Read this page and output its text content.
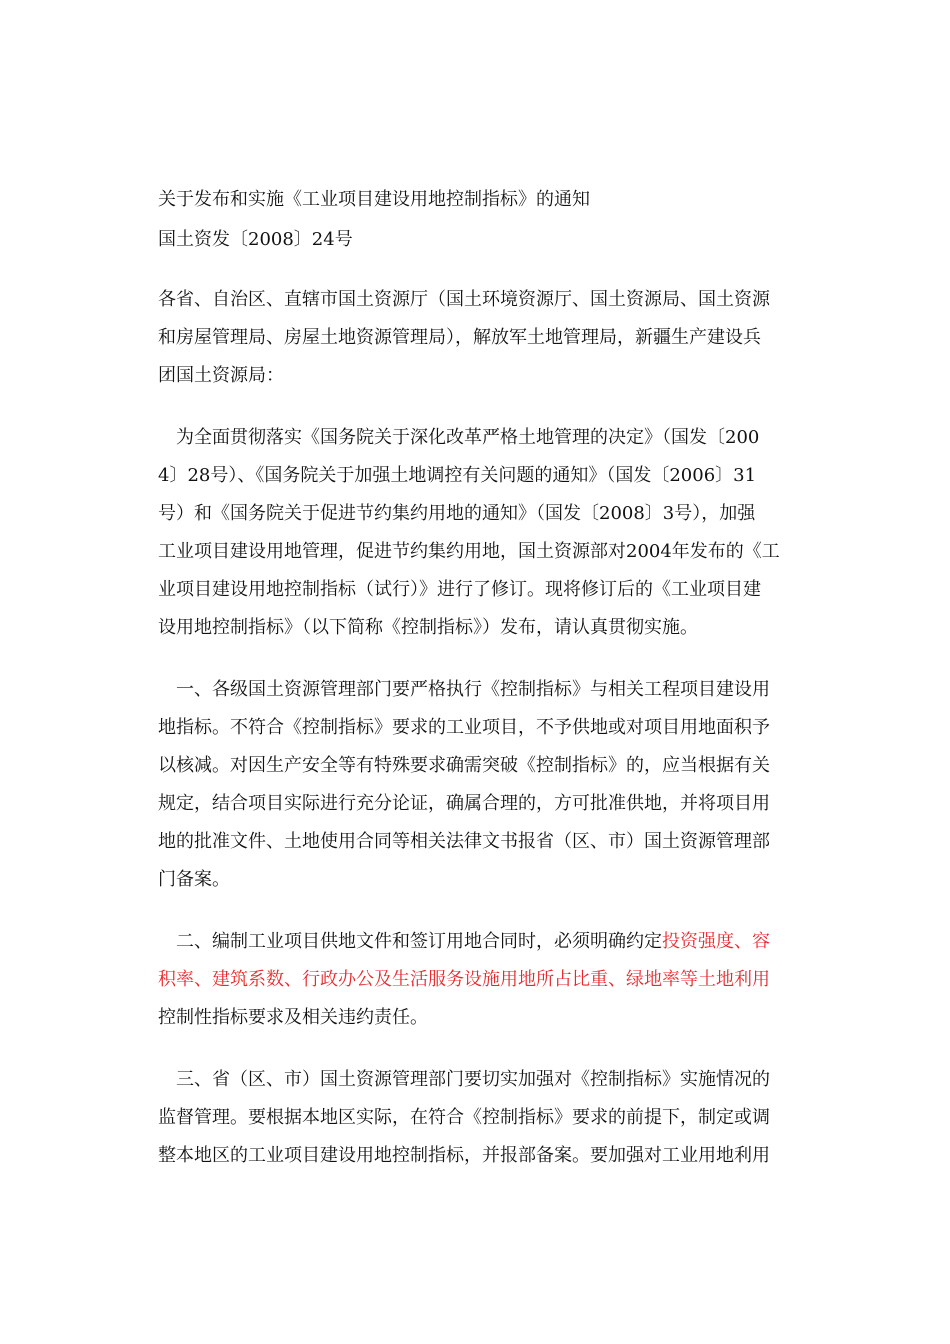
关于发布和实施《工业项目建设用地控制指标》的通知
国土资发〔2008〕24号
各省、自治区、直辖市国土资源厅（国土环境资源厅、国土资源局、国土资源
和房屋管理局、房屋土地资源管理局），解放军土地管理局，新疆生产建设兵
团国土资源局：
　为全面贯彻落实《国务院关于深化改革严格土地管理的决定》（国发〔200
4〕28号）、《国务院关于加强土地调控有关问题的通知》（国发〔2006〕31
号）和《国务院关于促进节约集约用地的通知》（国发〔2008〕3号），加强
工业项目建设用地管理，促进节约集约用地，国土资源部对2004年发布的《工
业项目建设用地控制指标（试行）》进行了修订。现将修订后的《工业项目建
设用地控制指标》（以下简称《控制指标》）发布，请认真贯彻实施。
　一、各级国土资源管理部门要严格执行《控制指标》与相关工程项目建设用
地指标。不符合《控制指标》要求的工业项目，不予供地或对项目用地面积予
以核减。对因生产安全等有特殊要求确需突破《控制指标》的，应当根据有关
规定，结合项目实际进行充分论证，确属合理的，方可批准供地，并将项目用
地的批准文件、土地使用合同等相关法律文书报省（区、市）国土资源管理部
门备案。
　二、编制工业项目供地文件和签订用地合同时，必须明确约定投资强度、容
积率、建筑系数、行政办公及生活服务设施用地所占比重、绿地率等土地利用
控制性指标要求及相关违约责任。
　三、省（区、市）国土资源管理部门要切实加强对《控制指标》实施情况的
监督管理。要根据本地区实际，在符合《控制指标》要求的前提下，制定或调
整本地区的工业项目建设用地控制指标，并报部备案。要加强对工业用地利用
